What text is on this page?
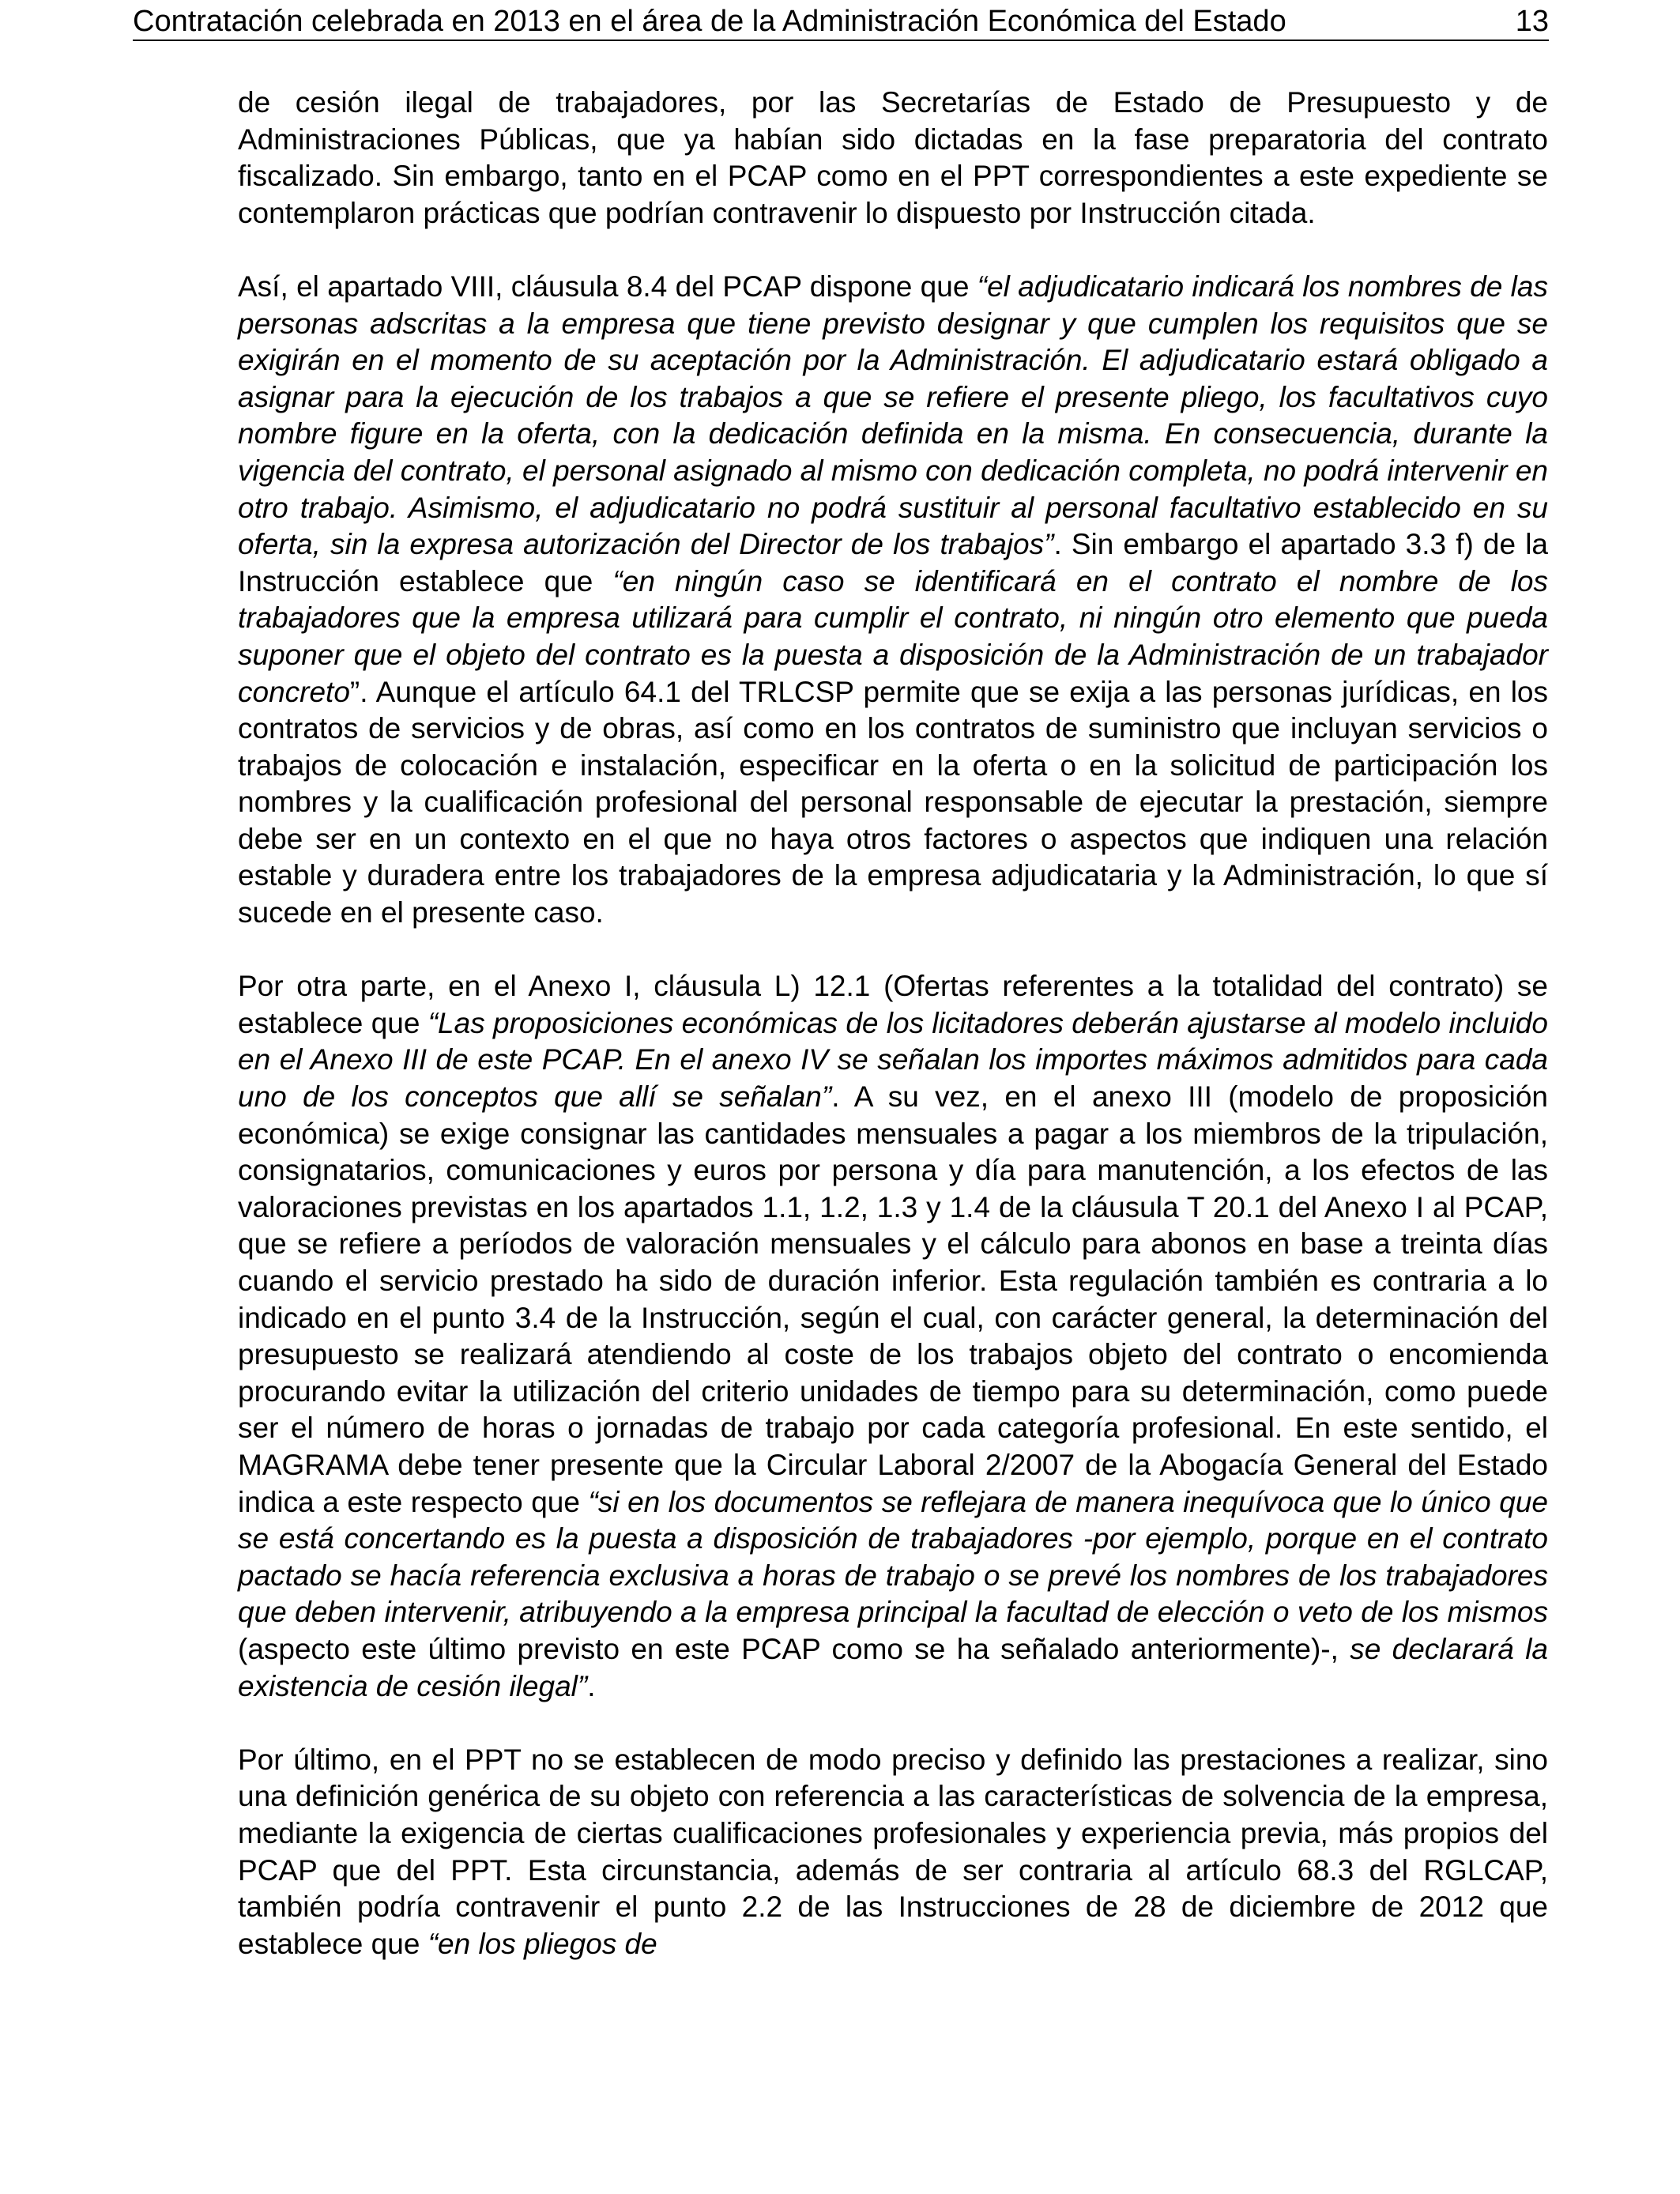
Contratación celebrada en 2013 en el área de la Administración Económica del Estado	13

de cesión ilegal de trabajadores, por las Secretarías de Estado de Presupuesto y de Administraciones Públicas, que ya habían sido dictadas en la fase preparatoria del contrato fiscalizado. Sin embargo, tanto en el PCAP como en el PPT correspondientes a este expediente se contemplaron prácticas que podrían contravenir lo dispuesto por Instrucción citada.

Así, el apartado VIII, cláusula 8.4 del PCAP dispone que “el adjudicatario indicará los nombres de las personas adscritas a la empresa que tiene previsto designar y que cumplen los requisitos que se exigirán en el momento de su aceptación por la Administración. El adjudicatario estará obligado a asignar para la ejecución de los trabajos a que se refiere el presente pliego, los facultativos cuyo nombre figure en la oferta, con la dedicación definida en la misma. En consecuencia, durante la vigencia del contrato, el personal asignado al mismo con dedicación completa, no podrá intervenir en otro trabajo. Asimismo, el adjudicatario no podrá sustituir al personal facultativo establecido en su oferta, sin la expresa autorización del Director de los trabajos”. Sin embargo el apartado 3.3 f) de la Instrucción establece que “en ningún caso se identificará en el contrato el nombre de los trabajadores que la empresa utilizará para cumplir el contrato, ni ningún otro elemento que pueda suponer que el objeto del contrato es la puesta a disposición de la Administración de un trabajador concreto”. Aunque el artículo 64.1 del TRLCSP permite que se exija a las personas jurídicas, en los contratos de servicios y de obras, así como en los contratos de suministro que incluyan servicios o trabajos de colocación e instalación, especificar en la oferta o en la solicitud de participación los nombres y la cualificación profesional del personal responsable de ejecutar la prestación, siempre debe ser en un contexto en el que no haya otros factores o aspectos que indiquen una relación estable y duradera entre los trabajadores de la empresa adjudicataria y la Administración, lo que sí sucede en el presente caso.

Por otra parte, en el Anexo I, cláusula L) 12.1 (Ofertas referentes a la totalidad del contrato) se establece que “Las proposiciones económicas de los licitadores deberán ajustarse al modelo incluido en el Anexo III de este PCAP. En el anexo IV se señalan los importes máximos admitidos para cada uno de los conceptos que allí se señalan”. A su vez, en el anexo III (modelo de proposición económica) se exige consignar las cantidades mensuales a pagar a los miembros de la tripulación, consignatarios, comunicaciones y euros por persona y día para manutención, a los efectos de las valoraciones previstas en los apartados 1.1, 1.2, 1.3 y 1.4 de la cláusula T 20.1 del Anexo I al PCAP, que se refiere a períodos de valoración mensuales y el cálculo para abonos en base a treinta días cuando el servicio prestado ha sido de duración inferior. Esta regulación también es contraria a lo indicado en el punto 3.4 de la Instrucción, según el cual, con carácter general, la determinación del presupuesto se realizará atendiendo al coste de los trabajos objeto del contrato o encomienda procurando evitar la utilización del criterio unidades de tiempo para su determinación, como puede ser el número de horas o jornadas de trabajo por cada categoría profesional. En este sentido, el MAGRAMA debe tener presente que la Circular Laboral 2/2007 de la Abogacía General del Estado indica a este respecto que “si en los documentos se reflejara de manera inequívoca que lo único que se está concertando es la puesta a disposición de trabajadores -por ejemplo, porque en el contrato pactado se hacía referencia exclusiva a horas de trabajo o se prevé los nombres de los trabajadores que deben intervenir, atribuyendo a la empresa principal la facultad de elección o veto de los mismos (aspecto este último previsto en este PCAP como se ha señalado anteriormente)-, se declarará la existencia de cesión ilegal”.

Por último, en el PPT no se establecen de modo preciso y definido las prestaciones a realizar, sino una definición genérica de su objeto con referencia a las características de solvencia de la empresa, mediante la exigencia de ciertas cualificaciones profesionales y experiencia previa, más propios del PCAP que del PPT. Esta circunstancia, además de ser contraria al artículo 68.3 del RGLCAP, también podría contravenir el punto 2.2 de las Instrucciones de 28 de diciembre de 2012 que establece que “en los pliegos de
